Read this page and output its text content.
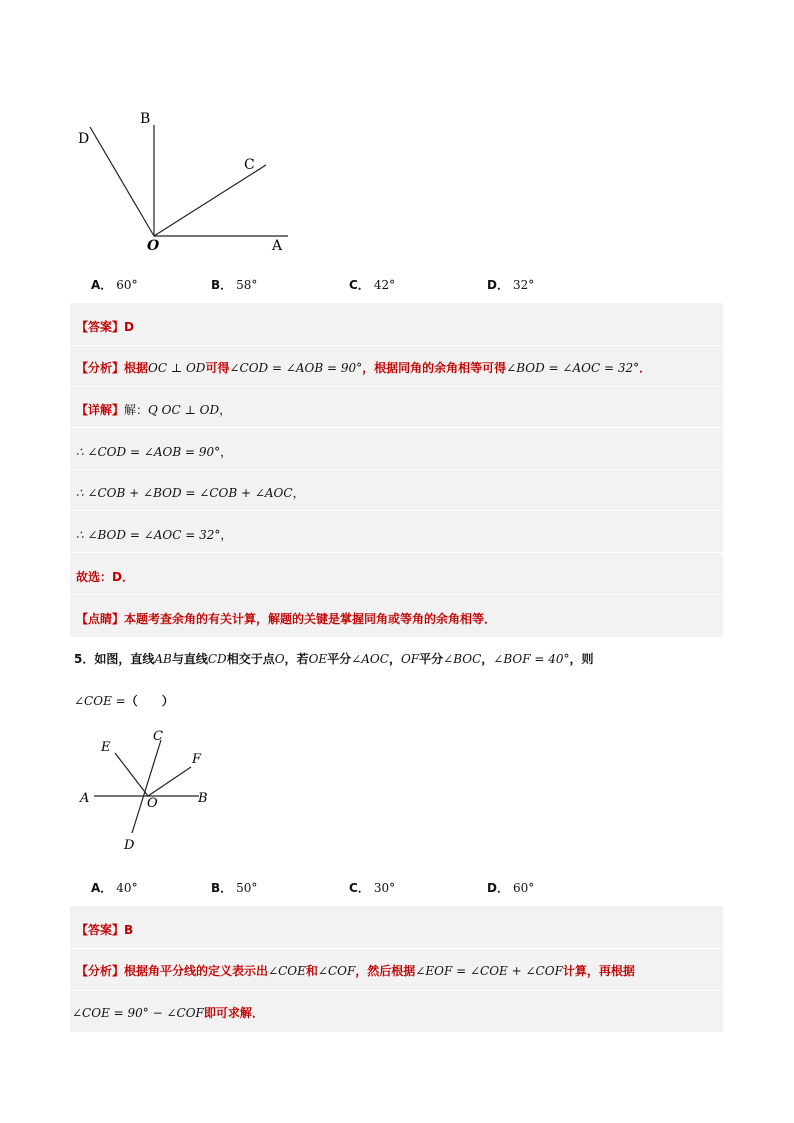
D
B
C
O	A
A． 60°	B． 58°	C． 42°	D． 32°
【答案】D
【分析】根据OC ⊥ OD可得∠COD = ∠AOB = 90°，根据同角的余角相等可得∠BOD = ∠AOC = 32°．
【详解】解：Q OC ⊥ OD，
∴ ∠COD = ∠AOB = 90°，
∴ ∠COB + ∠BOD = ∠COB + ∠AOC，
∴ ∠BOD = ∠AOC = 32°，
故选：D．
【点睛】本题考查余角的有关计算，解题的关键是掌握同角或等角的余角相等．
5．如图，直线AB与直线CD相交于点O，若OE平分∠AOC，OF平分∠BOC，∠BOF = 40°，则
∠COE =（　　）
E
C
F
A	O	B
D
A． 40°	B． 50°	C． 30°	D． 60°
【答案】B
【分析】根据角平分线的定义表示出∠COE和∠COF，然后根据∠EOF = ∠COE + ∠COF计算，再根据
∠COE = 90° − ∠COF即可求解．
